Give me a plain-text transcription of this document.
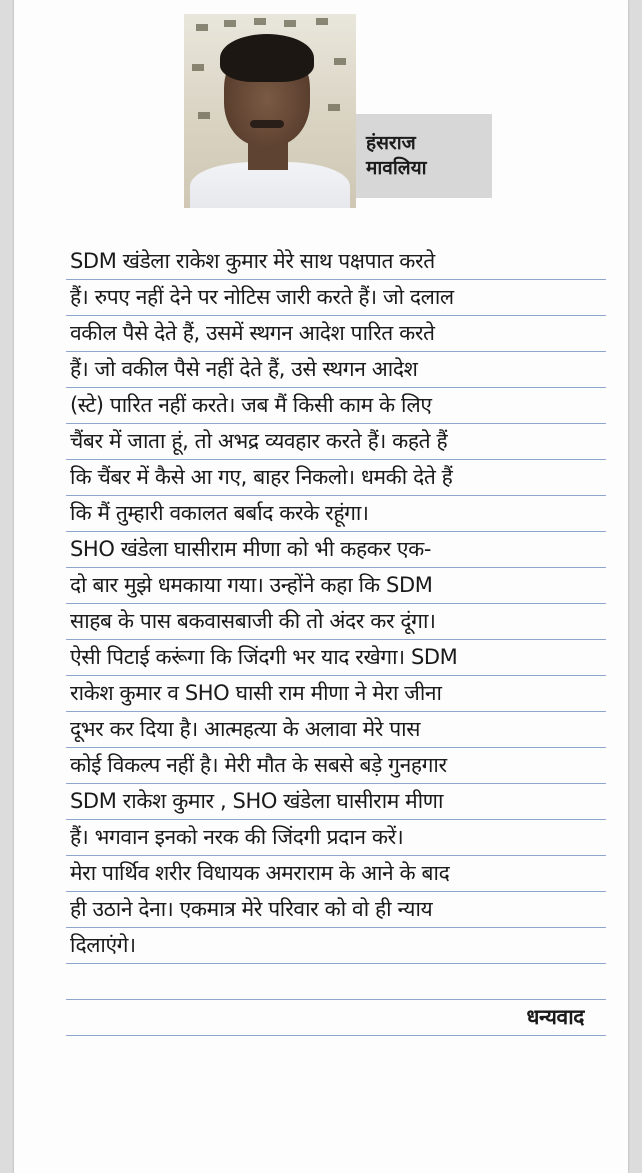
हंसराज
मावलिया
SDM खंडेला राकेश कुमार मेरे साथ पक्षपात करते
हैं। रुपए नहीं देने पर नोटिस जारी करते हैं। जो दलाल
वकील पैसे देते हैं, उसमें स्थगन आदेश पारित करते
हैं। जो वकील पैसे नहीं देते हैं, उसे स्थगन आदेश
(स्टे) पारित नहीं करते। जब मैं किसी काम के लिए
चैंबर में जाता हूं, तो अभद्र व्यवहार करते हैं। कहते हैं
कि चैंबर में कैसे आ गए, बाहर निकलो। धमकी देते हैं
कि मैं तुम्हारी वकालत बर्बाद करके रहूंगा।
SHO खंडेला घासीराम मीणा को भी कहकर एक-
दो बार मुझे धमकाया गया। उन्होंने कहा कि SDM
साहब के पास बकवासबाजी की तो अंदर कर दूंगा।
ऐसी पिटाई करूंगा कि जिंदगी भर याद रखेगा। SDM
राकेश कुमार व SHO घासी राम मीणा ने मेरा जीना
दूभर कर दिया है। आत्महत्या के अलावा मेरे पास
कोई विकल्प नहीं है। मेरी मौत के सबसे बड़े गुनहगार
SDM राकेश कुमार , SHO खंडेला घासीराम मीणा
हैं। भगवान इनको नरक की जिंदगी प्रदान करें।
मेरा पार्थिव शरीर विधायक अमराराम के आने के बाद
ही उठाने देना। एकमात्र मेरे परिवार को वो ही न्याय
दिलाएंगे।
धन्यवाद
